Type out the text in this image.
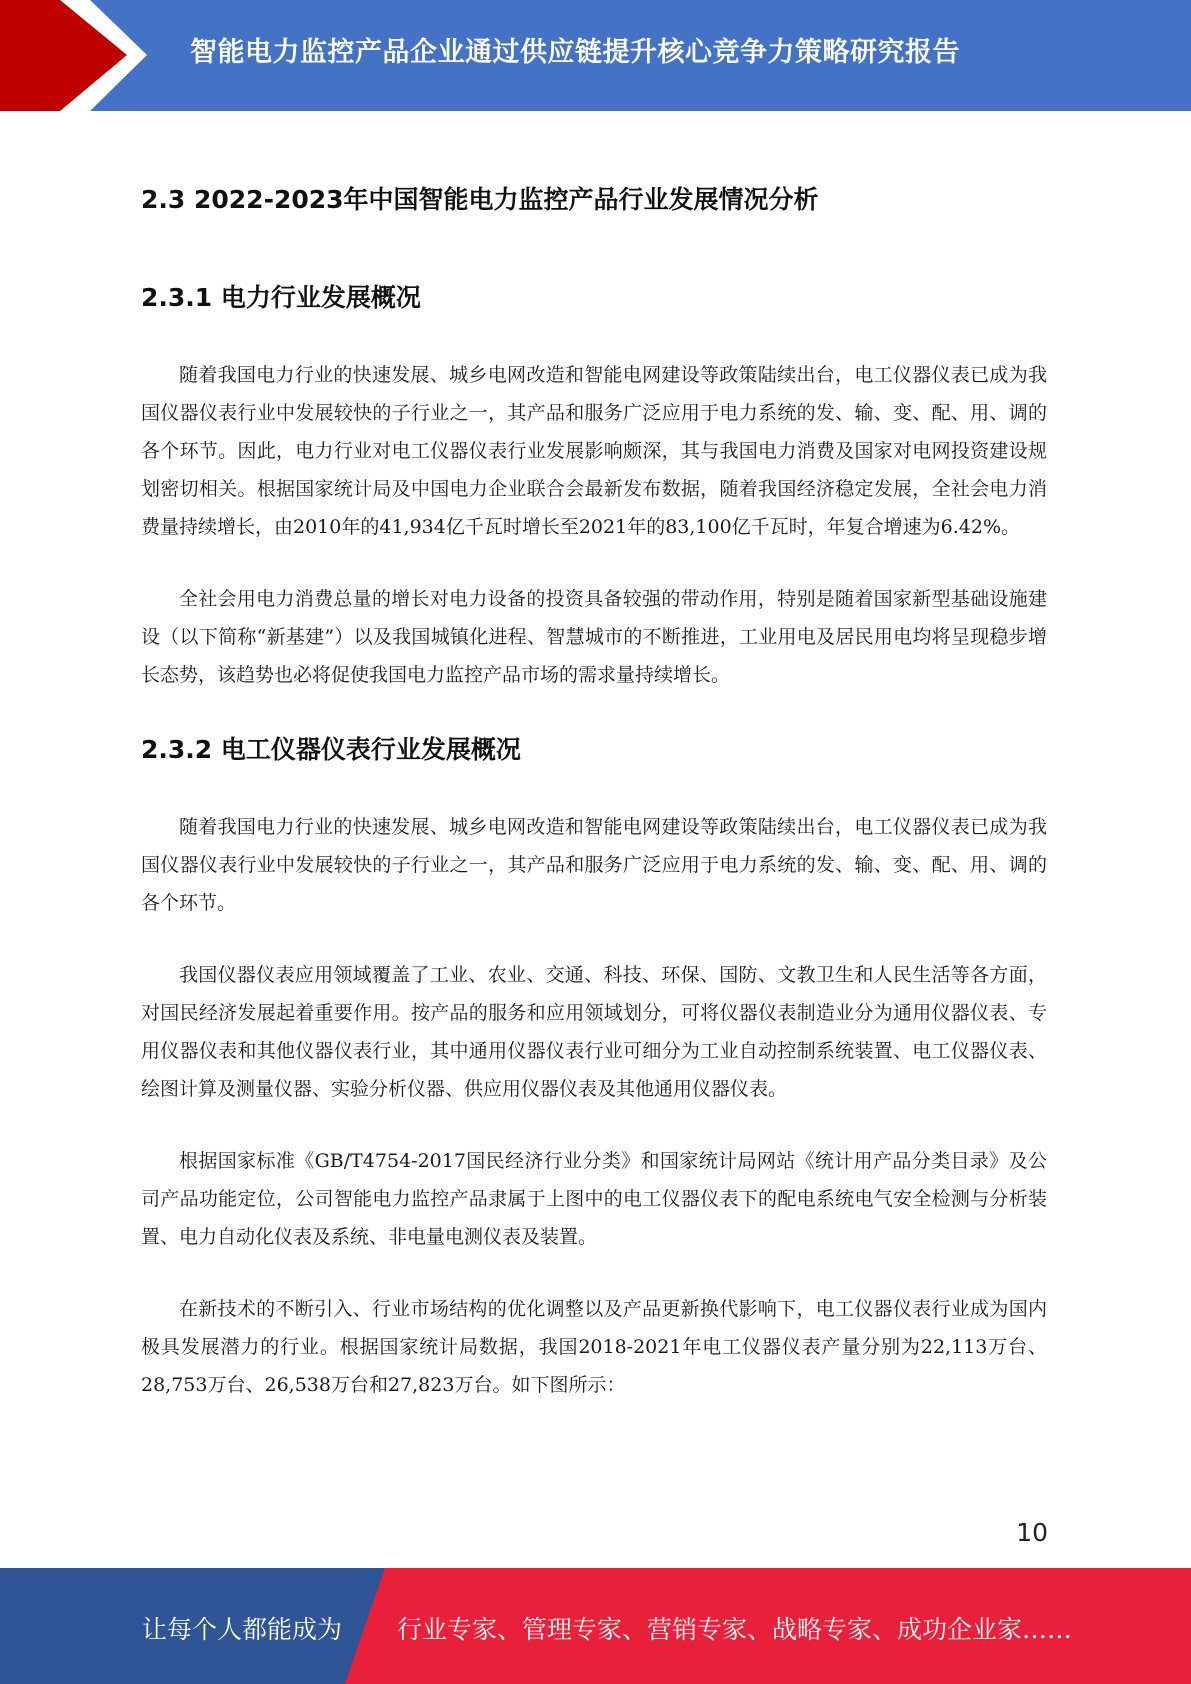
智能电力监控产品企业通过供应链提升核心竞争力策略研究报告
2.3 2022-2023年中国智能电力监控产品行业发展情况分析
2.3.1 电力行业发展概况

随着我国电力行业的快速发展、城乡电网改造和智能电网建设等政策陆续出台，电工仪器仪表已成为我国仪器仪表行业中发展较快的子行业之一，其产品和服务广泛应用于电力系统的发、输、变、配、用、调的各个环节。因此，电力行业对电工仪器仪表行业发展影响颇深，其与我国电力消费及国家对电网投资建设规划密切相关。根据国家统计局及中国电力企业联合会最新发布数据，随着我国经济稳定发展，全社会电力消费量持续增长，由2010年的41,934亿千瓦时增长至2021年的83,100亿千瓦时，年复合增速为6.42%。

全社会用电力消费总量的增长对电力设备的投资具备较强的带动作用，特别是随着国家新型基础设施建设（以下简称“新基建”）以及我国城镇化进程、智慧城市的不断推进，工业用电及居民用电均将呈现稳步增长态势，该趋势也必将促使我国电力监控产品市场的需求量持续增长。

2.3.2 电工仪器仪表行业发展概况

随着我国电力行业的快速发展、城乡电网改造和智能电网建设等政策陆续出台，电工仪器仪表已成为我国仪器仪表行业中发展较快的子行业之一，其产品和服务广泛应用于电力系统的发、输、变、配、用、调的各个环节。

我国仪器仪表应用领域覆盖了工业、农业、交通、科技、环保、国防、文教卫生和人民生活等各方面，对国民经济发展起着重要作用。按产品的服务和应用领域划分，可将仪器仪表制造业分为通用仪器仪表、专用仪器仪表和其他仪器仪表行业，其中通用仪器仪表行业可细分为工业自动控制系统装置、电工仪器仪表、绘图计算及测量仪器、实验分析仪器、供应用仪器仪表及其他通用仪器仪表。

根据国家标准《GB/T4754-2017国民经济行业分类》和国家统计局网站《统计用产品分类目录》及公司产品功能定位，公司智能电力监控产品隶属于上图中的电工仪器仪表下的配电系统电气安全检测与分析装置、电力自动化仪表及系统、非电量电测仪表及装置。

在新技术的不断引入、行业市场结构的优化调整以及产品更新换代影响下，电工仪器仪表行业成为国内极具发展潜力的行业。根据国家统计局数据，我国2018-2021年电工仪器仪表产量分别为22,113万台、28,753万台、26,538万台和27,823万台。如下图所示：

10
让每个人都能成为 行业专家、管理专家、营销专家、战略专家、成功企业家……
